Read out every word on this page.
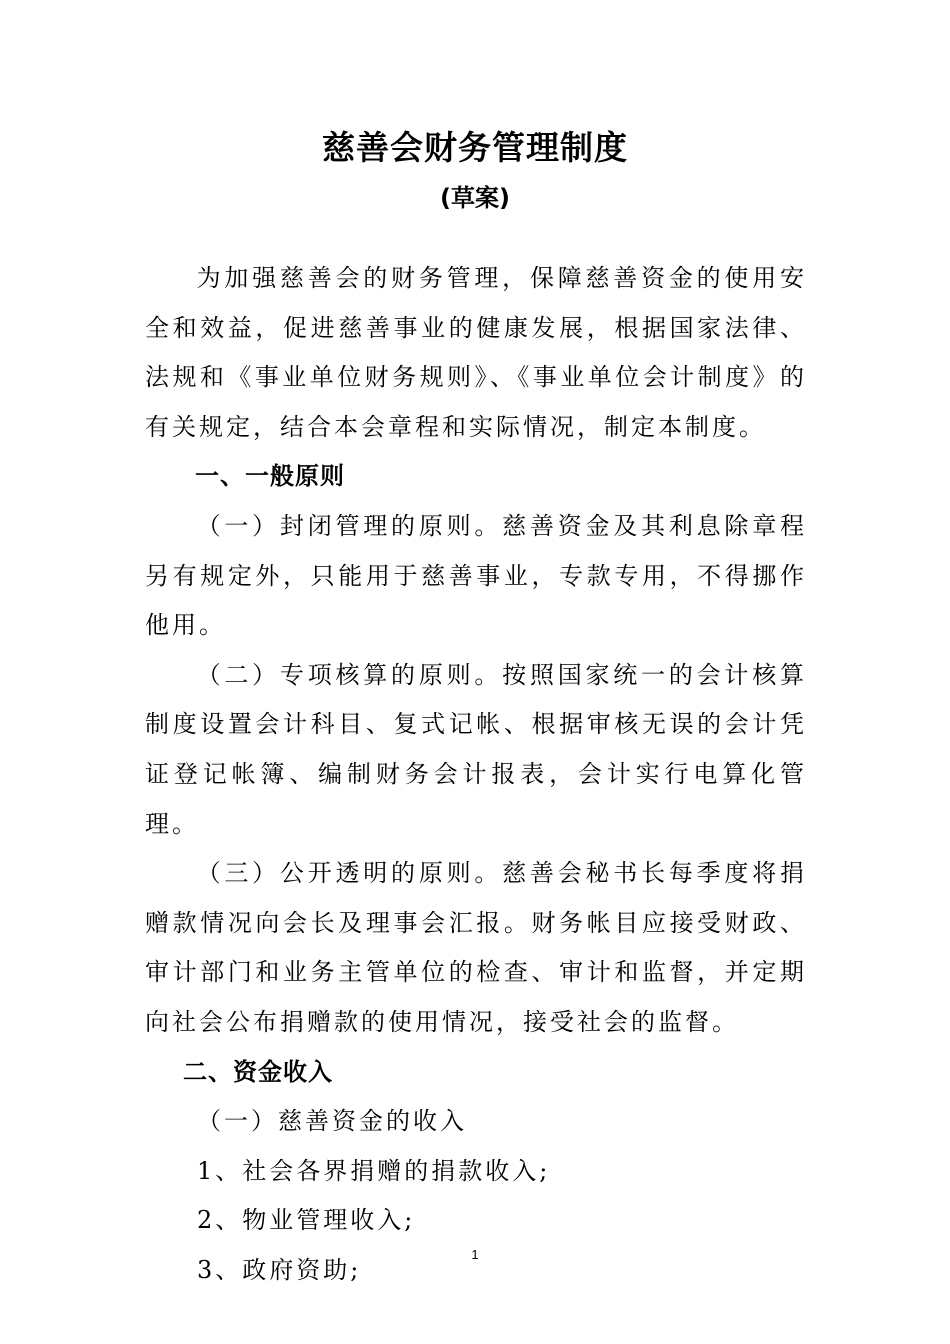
慈善会财务管理制度
(草案)

为加强慈善会的财务管理，保障慈善资金的使用安全和效益，促进慈善事业的健康发展，根据国家法律、法规和《事业单位财务规则》、《事业单位会计制度》的有关规定，结合本会章程和实际情况，制定本制度。

一、一般原则

（一）封闭管理的原则。慈善资金及其利息除章程另有规定外，只能用于慈善事业，专款专用，不得挪作他用。

（二）专项核算的原则。按照国家统一的会计核算制度设置会计科目、复式记帐、根据审核无误的会计凭证登记帐簿、编制财务会计报表，会计实行电算化管理。

（三）公开透明的原则。慈善会秘书长每季度将捐赠款情况向会长及理事会汇报。财务帐目应接受财政、审计部门和业务主管单位的检查、审计和监督，并定期向社会公布捐赠款的使用情况，接受社会的监督。

二、资金收入

（一）慈善资金的收入

1、社会各界捐赠的捐款收入;

2、物业管理收入;

3、政府资助;

1
